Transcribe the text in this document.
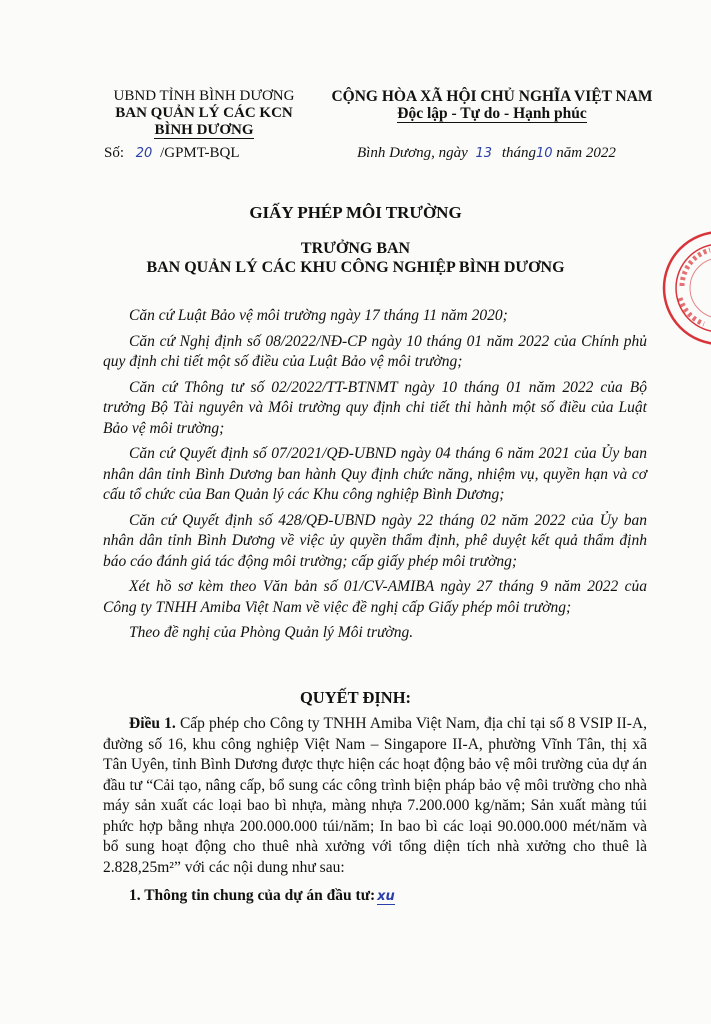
UBND TỈNH BÌNH DƯƠNG
BAN QUẢN LÝ CÁC KCN
BÌNH DƯƠNG
CỘNG HÒA XÃ HỘI CHỦ NGHĨA VIỆT NAM
Độc lập - Tự do - Hạnh phúc
Số: 20 /GPMT-BQL	Bình Dương, ngày 13 tháng10 năm 2022
GIẤY PHÉP MÔI TRƯỜNG
TRƯỞNG BAN
BAN QUẢN LÝ CÁC KHU CÔNG NGHIỆP BÌNH DƯƠNG

Căn cứ Luật Bảo vệ môi trường ngày 17 tháng 11 năm 2020;

Căn cứ Nghị định số 08/2022/NĐ-CP ngày 10 tháng 01 năm 2022 của Chính phủ quy định chi tiết một số điều của Luật Bảo vệ môi trường;

Căn cứ Thông tư số 02/2022/TT-BTNMT ngày 10 tháng 01 năm 2022 của Bộ trưởng Bộ Tài nguyên và Môi trường quy định chi tiết thi hành một số điều của Luật Bảo vệ môi trường;

Căn cứ Quyết định số 07/2021/QĐ-UBND ngày 04 tháng 6 năm 2021 của Ủy ban nhân dân tỉnh Bình Dương ban hành Quy định chức năng, nhiệm vụ, quyền hạn và cơ cấu tổ chức của Ban Quản lý các Khu công nghiệp Bình Dương;

Căn cứ Quyết định số 428/QĐ-UBND ngày 22 tháng 02 năm 2022 của Ủy ban nhân dân tỉnh Bình Dương về việc ủy quyền thẩm định, phê duyệt kết quả thẩm định báo cáo đánh giá tác động môi trường; cấp giấy phép môi trường;

Xét hồ sơ kèm theo Văn bản số 01/CV-AMIBA ngày 27 tháng 9 năm 2022 của Công ty TNHH Amiba Việt Nam về việc đề nghị cấp Giấy phép môi trường;

Theo đề nghị của Phòng Quản lý Môi trường.

QUYẾT ĐỊNH:

Điều 1. Cấp phép cho Công ty TNHH Amiba Việt Nam, địa chỉ tại số 8 VSIP II-A, đường số 16, khu công nghiệp Việt Nam – Singapore II-A, phường Vĩnh Tân, thị xã Tân Uyên, tỉnh Bình Dương được thực hiện các hoạt động bảo vệ môi trường của dự án đầu tư “Cải tạo, nâng cấp, bổ sung các công trình biện pháp bảo vệ môi trường cho nhà máy sản xuất các loại bao bì nhựa, màng nhựa 7.200.000 kg/năm; Sản xuất màng túi phức hợp bằng nhựa 200.000.000 túi/năm; In bao bì các loại 90.000.000 mét/năm và bổ sung hoạt động cho thuê nhà xưởng với tổng diện tích nhà xưởng cho thuê là 2.828,25m²” với các nội dung như sau:

1. Thông tin chung của dự án đầu tư: xu
